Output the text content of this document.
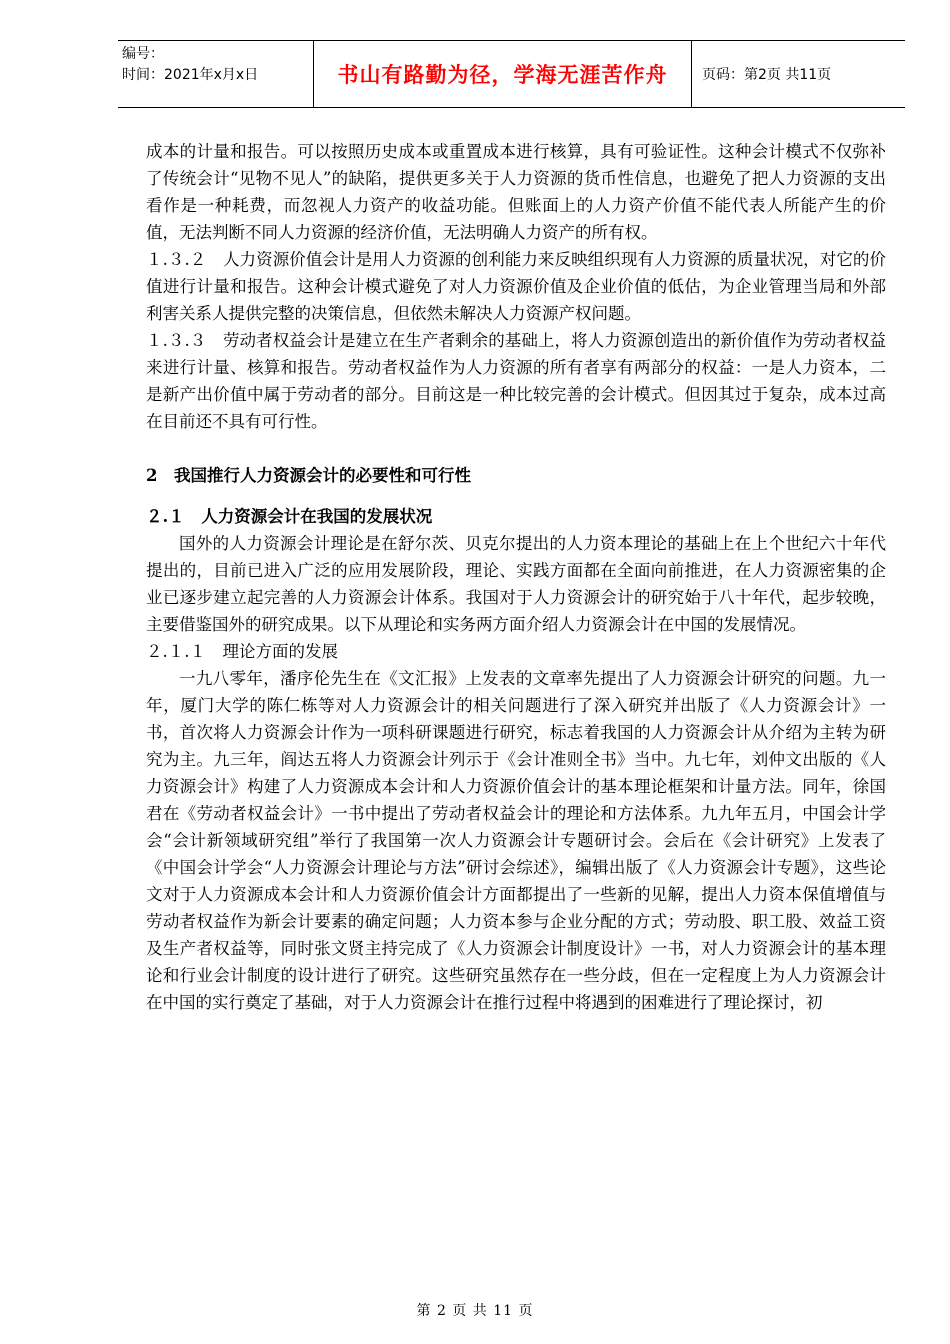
编号：
时间：2021年x月x日	书山有路勤为径，学海无涯苦作舟	页码：第2页 共11页

成本的计量和报告。可以按照历史成本或重置成本进行核算，具有可验证性。这种会计模式不仅弥补了传统会计“见物不见人”的缺陷，提供更多关于人力资源的货币性信息，也避免了把人力资源的支出看作是一种耗费，而忽视人力资产的收益功能。但账面上的人力资产价值不能代表人所能产生的价值，无法判断不同人力资源的经济价值，无法明确人力资产的所有权。

１.３.２　人力资源价值会计是用人力资源的创利能力来反映组织现有人力资源的质量状况，对它的价值进行计量和报告。这种会计模式避免了对人力资源价值及企业价值的低估，为企业管理当局和外部利害关系人提供完整的决策信息，但依然未解决人力资源产权问题。

１.３.３　劳动者权益会计是建立在生产者剩余的基础上，将人力资源创造出的新价值作为劳动者权益来进行计量、核算和报告。劳动者权益作为人力资源的所有者享有两部分的权益：一是人力资本，二是新产出价值中属于劳动者的部分。目前这是一种比较完善的会计模式。但因其过于复杂，成本过高在目前还不具有可行性。

2　我国推行人力资源会计的必要性和可行性

２.１　人力资源会计在我国的发展状况

国外的人力资源会计理论是在舒尔茨、贝克尔提出的人力资本理论的基础上在上个世纪六十年代提出的，目前已进入广泛的应用发展阶段，理论、实践方面都在全面向前推进，在人力资源密集的企业已逐步建立起完善的人力资源会计体系。我国对于人力资源会计的研究始于八十年代，起步较晚，主要借鉴国外的研究成果。以下从理论和实务两方面介绍人力资源会计在中国的发展情况。

２.１.１　理论方面的发展

一九八零年，潘序伦先生在《文汇报》上发表的文章率先提出了人力资源会计研究的问题。九一年，厦门大学的陈仁栋等对人力资源会计的相关问题进行了深入研究并出版了《人力资源会计》一书，首次将人力资源会计作为一项科研课题进行研究，标志着我国的人力资源会计从介绍为主转为研究为主。九三年，阎达五将人力资源会计列示于《会计准则全书》当中。九七年，刘仲文出版的《人力资源会计》构建了人力资源成本会计和人力资源价值会计的基本理论框架和计量方法。同年，徐国君在《劳动者权益会计》一书中提出了劳动者权益会计的理论和方法体系。九九年五月，中国会计学会“会计新领域研究组”举行了我国第一次人力资源会计专题研讨会。会后在《会计研究》上发表了《中国会计学会“人力资源会计理论与方法”研讨会综述》，编辑出版了《人力资源会计专题》，这些论文对于人力资源成本会计和人力资源价值会计方面都提出了一些新的见解，提出人力资本保值增值与劳动者权益作为新会计要素的确定问题；人力资本参与企业分配的方式；劳动股、职工股、效益工资及生产者权益等，同时张文贤主持完成了《人力资源会计制度设计》一书，对人力资源会计的基本理论和行业会计制度的设计进行了研究。这些研究虽然存在一些分歧，但在一定程度上为人力资源会计在中国的实行奠定了基础，对于人力资源会计在推行过程中将遇到的困难进行了理论探讨，初

第 2 页 共 11 页
